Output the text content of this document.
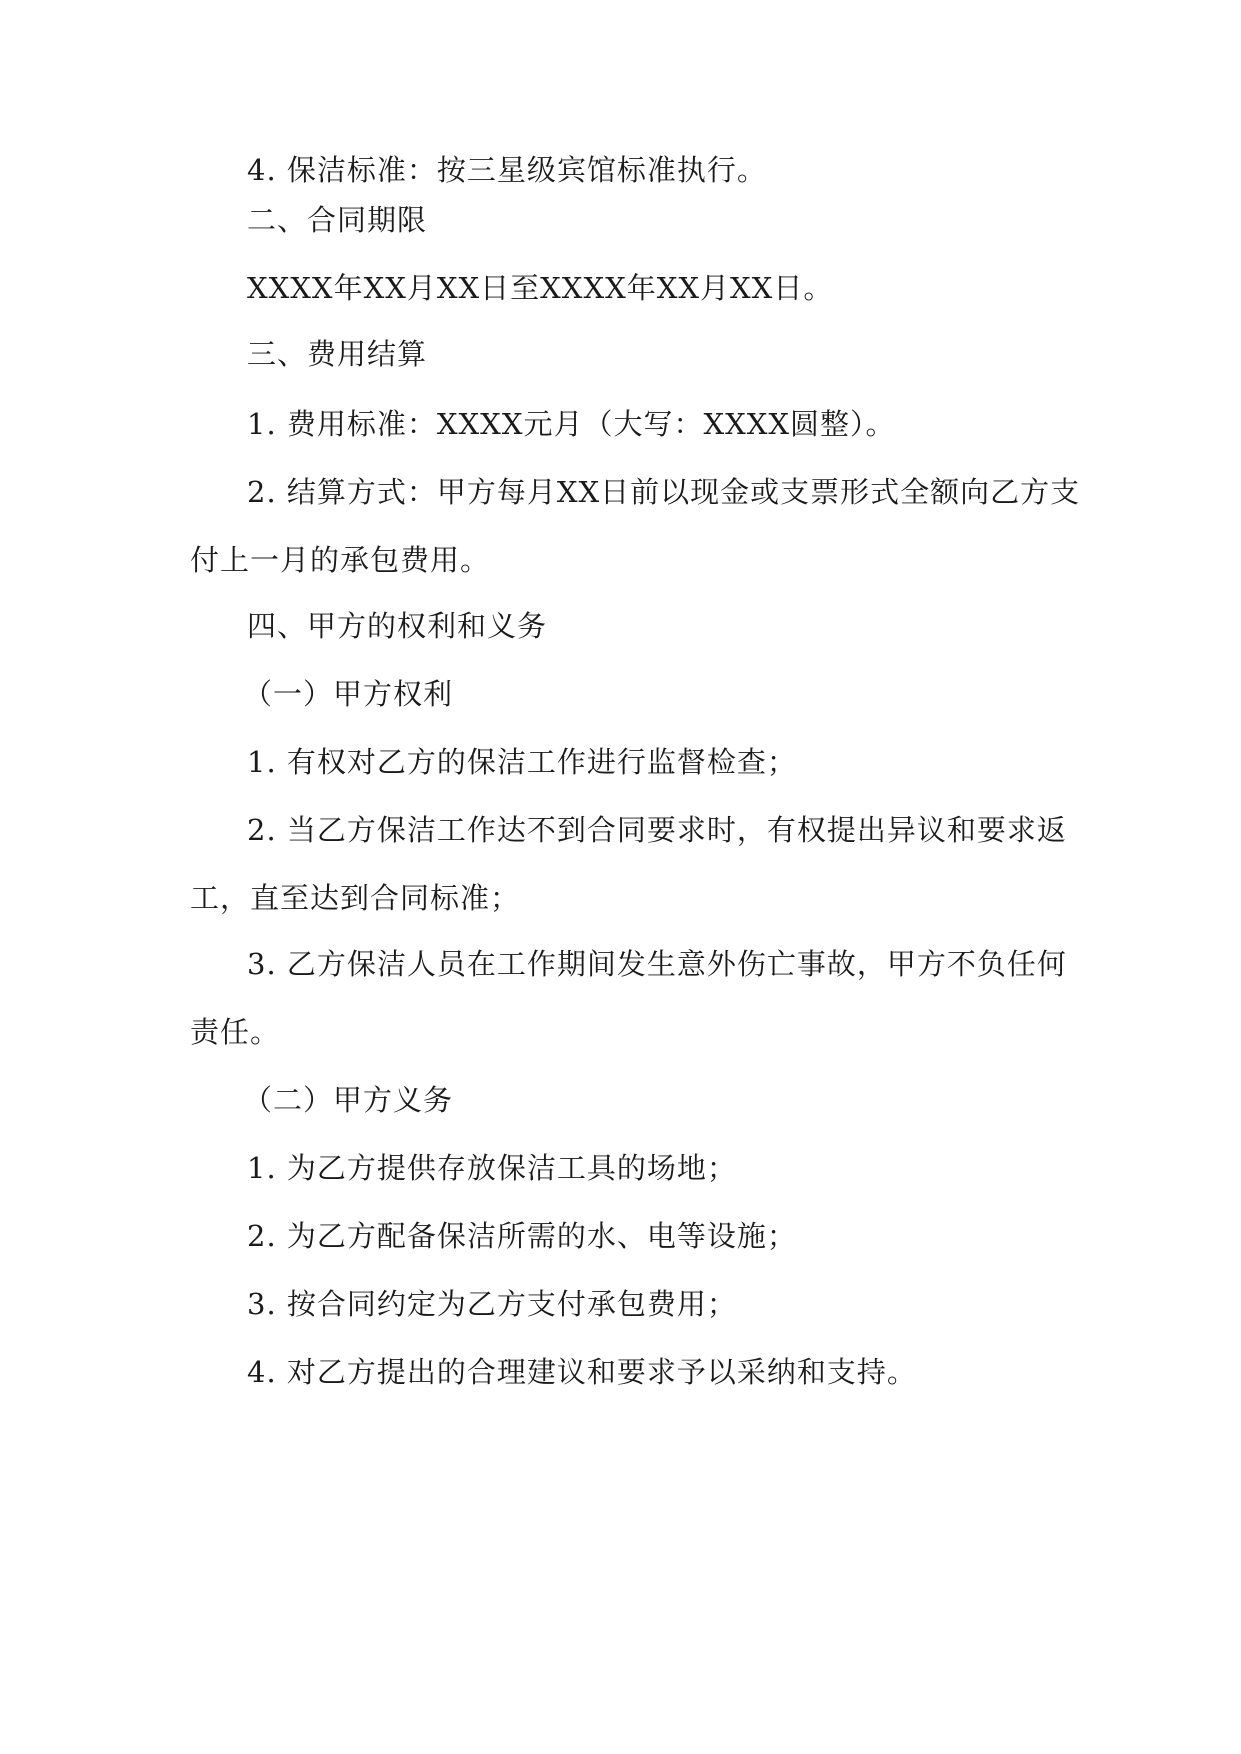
4. 保洁标准：按三星级宾馆标准执行。
二、合同期限
XXXX年XX月XX日至XXXX年XX月XX日。
三、费用结算
1. 费用标准：XXXX元月（大写：XXXX圆整）。
2. 结算方式：甲方每月XX日前以现金或支票形式全额向乙方支
付上一月的承包费用。
四、甲方的权利和义务
（一）甲方权利
1. 有权对乙方的保洁工作进行监督检查；
2. 当乙方保洁工作达不到合同要求时，有权提出异议和要求返
工，直至达到合同标准；
3. 乙方保洁人员在工作期间发生意外伤亡事故，甲方不负任何
责任。
（二）甲方义务
1. 为乙方提供存放保洁工具的场地；
2. 为乙方配备保洁所需的水、电等设施；
3. 按合同约定为乙方支付承包费用；
4. 对乙方提出的合理建议和要求予以采纳和支持。
